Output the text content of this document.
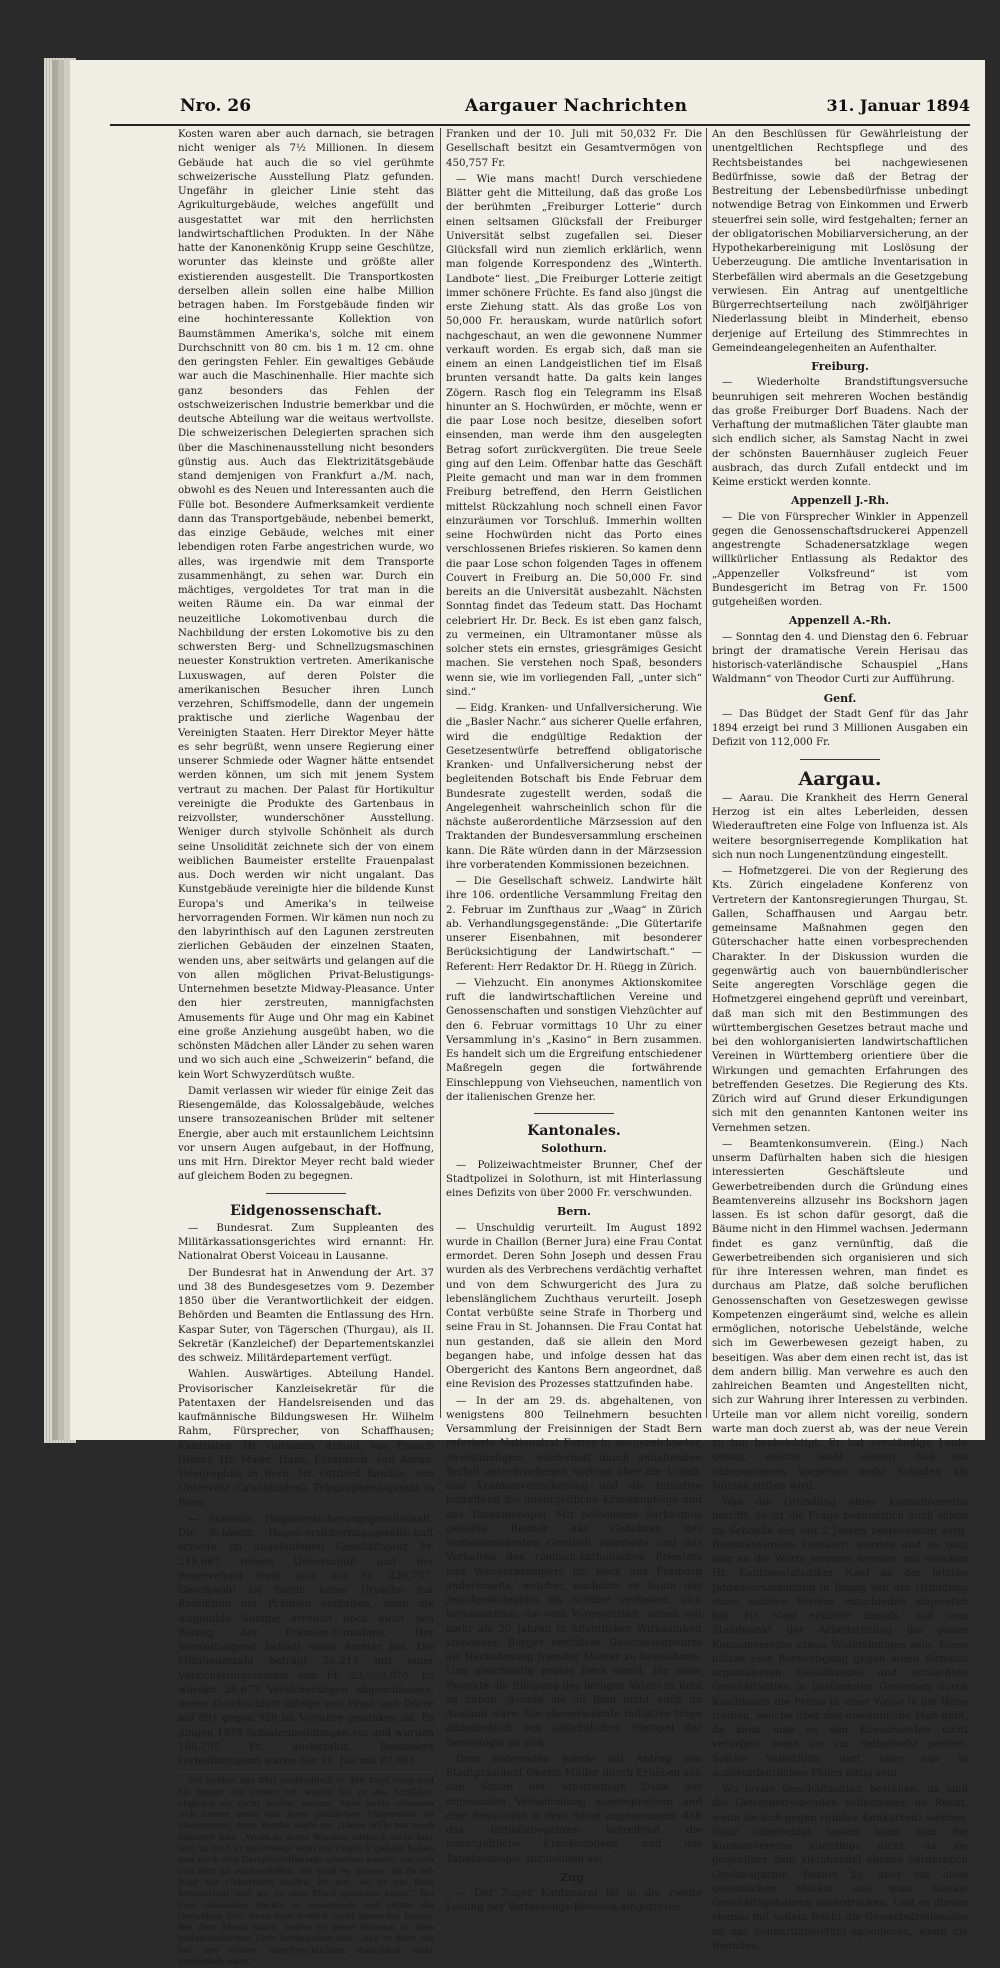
Nro. 26	Aargauer Nachrichten	31. Januar 1894

Kosten waren aber auch darnach, sie betragen nicht weniger als 7½ Millionen. In diesem Gebäude hat auch die so viel gerühmte schweizerische Ausstellung Platz gefunden. Ungefähr in gleicher Linie steht das Agrikulturgebäude, welches angefüllt und ausgestattet war mit den herrlichsten landwirtschaftlichen Produkten. In der Nähe hatte der Kanonenkönig Krupp seine Geschütze, worunter das kleinste und größte aller existierenden ausgestellt. Die Transportkosten derselben allein sollen eine halbe Million betragen haben. Im Forstgebäude finden wir eine hochinteressante Kollektion von Baumstämmen Amerika's, solche mit einem Durchschnitt von 80 cm. bis 1 m. 12 cm. ohne den geringsten Fehler. Ein gewaltiges Gebäude war auch die Maschinenhalle. Hier machte sich ganz besonders das Fehlen der ostschweizerischen Industrie bemerkbar und die deutsche Abteilung war die weitaus wertvollste. Die schweizerischen Delegierten sprachen sich über die Maschinenausstellung nicht besonders günstig aus. Auch das Elektrizitätsgebäude stand demjenigen von Frankfurt a./M. nach, obwohl es des Neuen und Interessanten auch die Fülle bot. Besondere Aufmerksamkeit verdiente dann das Transportgebäude, nebenbei bemerkt, das einzige Gebäude, welches mit einer lebendigen roten Farbe angestrichen wurde, wo alles, was irgendwie mit dem Transporte zusammenhängt, zu sehen war. Durch ein mächtiges, vergoldetes Tor trat man in die weiten Räume ein. Da war einmal der neuzeitliche Lokomotivenbau durch die Nachbildung der ersten Lokomotive bis zu den schwersten Berg- und Schnellzugsmaschinen neuester Konstruktion vertreten. Amerikanische Luxuswagen, auf deren Polster die amerikanischen Besucher ihren Lunch verzehren, Schiffsmodelle, dann der ungemein praktische und zierliche Wagenbau der Vereinigten Staaten. Herr Direktor Meyer hätte es sehr begrüßt, wenn unsere Regierung einer unserer Schmiede oder Wagner hätte entsendet werden können, um sich mit jenem System vertraut zu machen. Der Palast für Hortikultur vereinigte die Produkte des Gartenbaus in reizvollster, wunderschöner Ausstellung. Weniger durch stylvolle Schönheit als durch seine Unsolidität zeichnete sich der von einem weiblichen Baumeister erstellte Frauenpalast aus. Doch werden wir nicht ungalant. Das Kunstgebäude vereinigte hier die bildende Kunst Europa's und Amerika's in teilweise hervorragenden Formen. Wir kämen nun noch zu den labyrinthisch auf den Lagunen zerstreuten zierlichen Gebäuden der einzelnen Staaten, wenden uns, aber seitwärts und gelangen auf die von allen möglichen Privat-Belustigungs-Unternehmen besetzte Midway-Pleasance. Unter den hier zerstreuten, mannigfachsten Amusements für Auge und Ohr mag ein Kabinet eine große Anziehung ausgeübt haben, wo die schönsten Mädchen aller Länder zu sehen waren und wo sich auch eine „Schweizerin“ befand, die kein Wort Schwyzerdütsch wußte.

Damit verlassen wir wieder für einige Zeit das Riesengemälde, das Kolossalgebäude, welches unsere transozeanischen Brüder mit seltener Energie, aber auch mit erstaunlichem Leichtsinn vor unsern Augen aufgebaut, in der Hoffnung, uns mit Hrn. Direktor Meyer recht bald wieder auf gleichem Boden zu begegnen.

Eidgenossenschaft.

— Bundesrat. Zum Suppleanten des Militärkassationsgerichtes wird ernannt: Hr. Nationalrat Oberst Voiceau in Lausanne.

Der Bundesrat hat in Anwendung der Art. 37 und 38 des Bundesgesetzes vom 9. Dezember 1850 über die Verantwortlichkeit der eidgen. Behörden und Beamten die Entlassung des Hrn. Kaspar Suter, von Tägerschen (Thurgau), als II. Sekretär (Kanzleichef) der Departementskanzlei des schweiz. Militärdepartement verfügt.

Wahlen. Auswärtiges. Abteilung Handel. Provisorischer Kanzleisekretär für die Patentaxen der Handelsreisenden und das kaufmännische Bildungswesen Hr. Wilhelm Rahm, Fürsprecher, von Schaffhausen; Kanzlisten: Hr. Gutmann, Arnold, von Epsach (Bern); Hr. Maier, Hans, Fürsprech, von Aarau. Telegraphist in Bern: Hr. Ottfried Bandlin, von Untervatz (Graubünden), Telegraphenaspirant in Bern.

— Schweiz. Hagelversicherungsgesellschaft. Die Schweiz. Hagelversicherungsgesellschaft erzielte im abgelaufenen Geschäftsjahr Fr. 219,687 reinen Ueberschuß und der Reservefond stellt sich auf Fr. 420,757. Gleichwohl ist hierin keine Ursache zur Reduktion der Prämien enthalten, denn die disponible Summe erreicht noch nicht den Betrag der Prämien-Einnahme. Der Verwaltungsrat behielt seine Aemter bei. Die Mitgliederzahl beträgt 26,215 mit einer Versicherungssumme von Fr. 23,303,070. Es wurden 26,673 Versicherungen abgeschlossen, deren Durchschnitt infolge von Frost und Dürre auf 891 gegen 928 im Vorjahre gesunken ist. Es gingen 1579 Schadenmeldungen ein und wurden 166,795 Fr. ausbezahlt. Besonders verlustbringend waren der 11. Juli mit 67,091

der beiden das Blut siedendheiß in den Kopf stieg und bis hinter die Ohren rot wurde bis in die Schläfen, obgleich sie nicht wußte, warum. Aber beide schienen sich immer mehr von ihrer gänzlichen Unkenntnis zu überzeugen, denn Bertha sagte zu: „Liebe Wille nur noch düsterer fort: „Wenn er Ihres Wissens wirklich nicht hier war, so muß er unterwegs wohl ein Unglück gehabt haben und noch den Dampfschiffanlage gesehen haben, um sich von dort ab einzuschiffen. Ich muß es wissen, ob da ein Boot zur Ueberfahrt müßte, ist nur, wo er ein Boot hergekriegt und wo er sein Pferd gelassen hätte.“ Bei dem Gedanken zuckte er zusammen und setzte die Gedanken fort, denn man freilich nicht bewerten lassen. Bei dem Mann hinzu, indem er seine Stimme zu dem melancholischen Tiefe herabsinken ließ, „daß er über, die bei uns Gottes unerforschlichem Ratschluß nicht unmöglich wäre.“

Franken und der 10. Juli mit 50,032 Fr. Die Gesellschaft besitzt ein Gesamtvermögen von 450,757 Fr.

— Wie mans macht! Durch verschiedene Blätter geht die Mitteilung, daß das große Los der berühmten „Freiburger Lotterie“ durch einen seltsamen Glücksfall der Freiburger Universität selbst zugefallen sei. Dieser Glücksfall wird nun ziemlich erklärlich, wenn man folgende Korrespondenz des „Winterth. Landbote“ liest. „Die Freiburger Lotterie zeitigt immer schönere Früchte. Es fand also jüngst die erste Ziehung statt. Als das große Los von 50,000 Fr. herauskam, wurde natürlich sofort nachgeschaut, an wen die gewonnene Nummer verkauft worden. Es ergab sich, daß man sie einem an einen Landgeistlichen tief im Elsaß brunten versandt hatte. Da galts kein langes Zögern. Rasch flog ein Telegramm ins Elsaß hinunter an S. Hochwürden, er möchte, wenn er die paar Lose noch besitze, dieselben sofort einsenden, man werde ihm den ausgelegten Betrag sofort zurückvergüten. Die treue Seele ging auf den Leim. Offenbar hatte das Geschäft Pleite gemacht und man war in dem frommen Freiburg betreffend, den Herrn Geistlichen mittelst Rückzahlung noch schnell einen Favor einzuräumen vor Torschluß. Immerhin wollten seine Hochwürden nicht das Porto eines verschlossenen Briefes riskieren. So kamen denn die paar Lose schon folgenden Tages in offenem Couvert in Freiburg an. Die 50,000 Fr. sind bereits an die Universität ausbezahlt. Nächsten Sonntag findet das Tedeum statt. Das Hochamt celebriert Hr. Dr. Beck. Es ist eben ganz falsch, zu vermeinen, ein Ultramontaner müsse als solcher stets ein ernstes, griesgrämiges Gesicht machen. Sie verstehen noch Spaß, besonders wenn sie, wie im vorliegenden Fall, „unter sich“ sind.“

— Eidg. Kranken- und Unfallversicherung. Wie die „Basler Nachr.“ aus sicherer Quelle erfahren, wird die endgültige Redaktion der Gesetzesentwürfe betreffend obligatorische Kranken- und Unfallversicherung nebst der begleitenden Botschaft bis Ende Februar dem Bundesrate zugestellt werden, sodaß die Angelegenheit wahrscheinlich schon für die nächste außerordentliche Märzsession auf den Traktanden der Bundesversammlung erscheinen kann. Die Räte würden dann in der Märzsession ihre vorberatenden Kommissionen bezeichnen.

— Die Gesellschaft schweiz. Landwirte hält ihre 106. ordentliche Versammlung Freitag den 2. Februar im Zunfthaus zur „Waag“ in Zürich ab. Verhandlungsgegenstände: „Die Gütertarife unserer Eisenbahnen, mit besonderer Berücksichtigung der Landwirtschaft.“ — Referent: Herr Redaktor Dr. H. Rüegg in Zürich.

— Viehzucht. Ein anonymes Aktionskomitee ruft die landwirtschaftlichen Vereine und Genossenschaften und sonstigen Viehzüchter auf den 6. Februar vormittags 10 Uhr zu einer Versammlung in's „Kasino“ in Bern zusammen. Es handelt sich um die Ergreifung entschiedener Maßregeln gegen die fortwährende Einschleppung von Viehseuchen, namentlich von der italienischen Grenze her.

Kantonales.
Solothurn.

— Polizeiwachtmeister Brunner, Chef der Stadtpolizei in Solothurn, ist mit Hinterlassung eines Defizits von über 2000 Fr. verschwunden.

Bern.

— Unschuldig verurteilt. Im August 1892 wurde in Chaillon (Berner Jura) eine Frau Contat ermordet. Deren Sohn Joseph und dessen Frau wurden als des Verbrechens verdächtig verhaftet und von dem Schwurgericht des Jura zu lebenslänglichem Zuchthaus verurteilt. Joseph Contat verbüßte seine Strafe in Thorberg und seine Frau in St. Johannsen. Die Frau Contat hat nun gestanden, daß sie allein den Mord begangen habe, und infolge dessen hat das Obergericht des Kantons Bern angeordnet, daß eine Revision des Prozesses stattzufinden habe.

— In der am 29. ds. abgehaltenen, von wenigstens 800 Teilnehmern besuchten Versammlung der Freisinnigen der Stadt Bern referierte Nationalrat Forrer in ausgezeichneter, zweistündigem, wiederholt durch anhaltenden Beifall unterbrochenen Vortrag über die Unfall- und Krankenversicherung und die Initiative betreffend die unentgeltliche Krankenpflege und das Tabakmonopol. Mit beißendem Sarkasmus geißelte Redner das Gebahren des Sozialdemokraten Greulich einerseits und das Verhalten des römisch-katholischen Priesters und Wanderpredigers Dr. Beck aus Freiburg andererseits, welcher, nachdem er kaum das Jesuitenkollegium als Schüler verlassen, sich herausnehme, die vom Vorgesetzten, denen seit mehr als 20 Jahren in öffentlicher Wirksamkeit stehenden Bürger verfaßten Gesetzesentwürfe als Nachahmung fremder Muster zu bezeichnen. Und gleichzeitig prahle Beck damit, für seine Projekte die Billigung des heiligen Vaters in Rom zu haben, gerade als ob Rom nicht auch im Ausland wäre. Die obenerwähnte Initiative trage allzudeutlich den absichtlichen Stempel der Demagogie an sich.

Dem Referenten wurde auf Antrag von Stadtpräsident Oberst Müller durch Erheben von den Sitzen der einstimmige Dank der imposanten Versammlung ausgesprochen und eine Resolution in dem Sinne angenommen, daß das Initiativbegehren betreffend die unentgeltliche Krankenpflege und das Tabakmonopol abzulehnen sei.

Zug.

— Der Zuger Kantonsrat ist in die zweite Lesung der Verfassungs-Revision eingetreten.

An den Beschlüssen für Gewährleistung der unentgeltlichen Rechtspflege und des Rechtsbeistandes bei nachgewiesenen Bedürfnisse, sowie daß der Betrag der Bestreitung der Lebensbedürfnisse unbedingt notwendige Betrag von Einkommen und Erwerb steuerfrei sein solle, wird festgehalten; ferner an der obligatorischen Mobiliarversicherung, an der Hypothekarbereinigung mit Loslösung der Ueberzeugung. Die amtliche Inventarisation in Sterbefällen wird abermals an die Gesetzgebung verwiesen. Ein Antrag auf unentgeltliche Bürgerrechtserteilung nach zwölfjähriger Niederlassung bleibt in Minderheit, ebenso derjenige auf Erteilung des Stimmrechtes in Gemeindeangelegenheiten an Aufenthalter.

Freiburg.

— Wiederholte Brandstiftungsversuche beunruhigen seit mehreren Wochen beständig das große Freiburger Dorf Buadens. Nach der Verhaftung der mutmaßlichen Täter glaubte man sich endlich sicher, als Samstag Nacht in zwei der schönsten Bauernhäuser zugleich Feuer ausbrach, das durch Zufall entdeckt und im Keime erstickt werden konnte.

Appenzell J.-Rh.

— Die von Fürsprecher Winkler in Appenzell gegen die Genossenschaftsdruckerei Appenzell angestrengte Schadenersatzklage wegen willkürlicher Entlassung als Redaktor des „Appenzeller Volksfreund“ ist vom Bundesgericht im Betrag von Fr. 1500 gutgeheißen worden.

Appenzell A.-Rh.

— Sonntag den 4. und Dienstag den 6. Februar bringt der dramatische Verein Herisau das historisch-vaterländische Schauspiel „Hans Waldmann“ von Theodor Curti zur Aufführung.

Genf.

— Das Büdget der Stadt Genf für das Jahr 1894 erzeigt bei rund 3 Millionen Ausgaben ein Defizit von 112,000 Fr.

Aargau.

— Aarau. Die Krankheit des Herrn General Herzog ist ein altes Leberleiden, dessen Wiederauftreten eine Folge von Influenza ist. Als weitere besorgniserregende Komplikation hat sich nun noch Lungenentzündung eingestellt.

— Hofmetzgerei. Die von der Regierung des Kts. Zürich eingeladene Konferenz von Vertretern der Kantonsregierungen Thurgau, St. Gallen, Schaffhausen und Aargau betr. gemeinsame Maßnahmen gegen den Güterschacher hatte einen vorbesprechenden Charakter. In der Diskussion wurden die gegenwärtig auch von bauernbündlerischer Seite angeregten Vorschläge gegen die Hofmetzgerei eingehend geprüft und vereinbart, daß man sich mit den Bestimmungen des württembergischen Gesetzes betraut mache und bei den wohlorganisierten landwirtschaftlichen Vereinen in Württemberg orientiere über die Wirkungen und gemachten Erfahrungen des betreffenden Gesetzes. Die Regierung des Kts. Zürich wird auf Grund dieser Erkundigungen sich mit den genannten Kantonen weiter ins Vernehmen setzen.

— Beamtenkonsumverein. (Eing.) Nach unserm Dafürhalten haben sich die hiesigen interessierten Geschäftsleute und Gewerbetreibenden durch die Gründung eines Beamtenvereins allzusehr ins Bockshorn jagen lassen. Es ist schon dafür gesorgt, daß die Bäume nicht in den Himmel wachsen. Jedermann findet es ganz vernünftig, daß die Gewerbetreibenden sich organisieren und sich für ihre Interessen wehren, man findet es durchaus am Platze, daß solche beruflichen Genossenschaften von Gesetzeswegen gewisse Kompetenzen eingeräumt sind, welche es allein ermöglichen, notorische Uebelstände, welche sich im Gewerbewesen gezeigt haben, zu beseitigen. Was aber dem einen recht ist, das ist dem andern billig. Man verwehre es auch den zahlreichen Beamten und Angestellten nicht, sich zur Wahrung ihrer Interessen zu verbinden. Urteile man vor allem nicht voreilig, sondern warte man doch zuerst ab, was der neue Verein zu tun beabsichtigt. Er hat verständige Leute genug, welche wohl wissen, daß ein unbesonnenes Vorgehen mehr Schaden als Nutzen stiften wird.

Was die Gründung eines Konsumvereins betrifft, so ist die Frage bekanntlich auch schon im Schooße des seit 2 Jahren bestehenden aarg. Beamtenvereins ventiliert worden und es mag hier an die Worte erinnert werden, mit welchen Hr. Kantonsstatistiker Naef an der letzten Jahresversammlung in Brugg von der Gründung eines solchen Vereins entschieden abgeraten hat. Hr. Naef erklärte damals, daß vom Standpunkt der Arbeitsteilung die ganze Konsumvereine etwas Widersinniges sein. Diese hätten eine Berechtigung gegen einen förmlich organisierten Detailhandel und schlechten Geschäftsfitten in bestimmten Gewerben durch Koalitionen die Preise in einer Weise in die Höhe treiben, welche über das gewöhnliche Maß geht, da kann man es den Konsumenten nicht verargen, wenn sie zur Selbstwehr greifen. Solche Selbsthilfe darf aber nur in außerordentlichen Fällen nötig sein.

Wo loyale Geschäftssitten bestehen, da sind die Gewerbetreibenden vollkommen im Recht, wenn sie sich gegen ruinöse Konkurrenz wehren. Ganz unbehelligt lassen kann man die Konsumvereine allerdings nicht, da sie gegenüber dem kleinhandel ebenso verderblich Großmagazine, Bazars 2c; aber mit allen gesetzlichen Mitteln soll man illoyale Geschäftsgebahren unterdrücken. Und es dürfen ebenso mit vollem Recht die Gewerbetreibenden an das Solidaritätsgefühl appellieren, wenn die Beamten,
